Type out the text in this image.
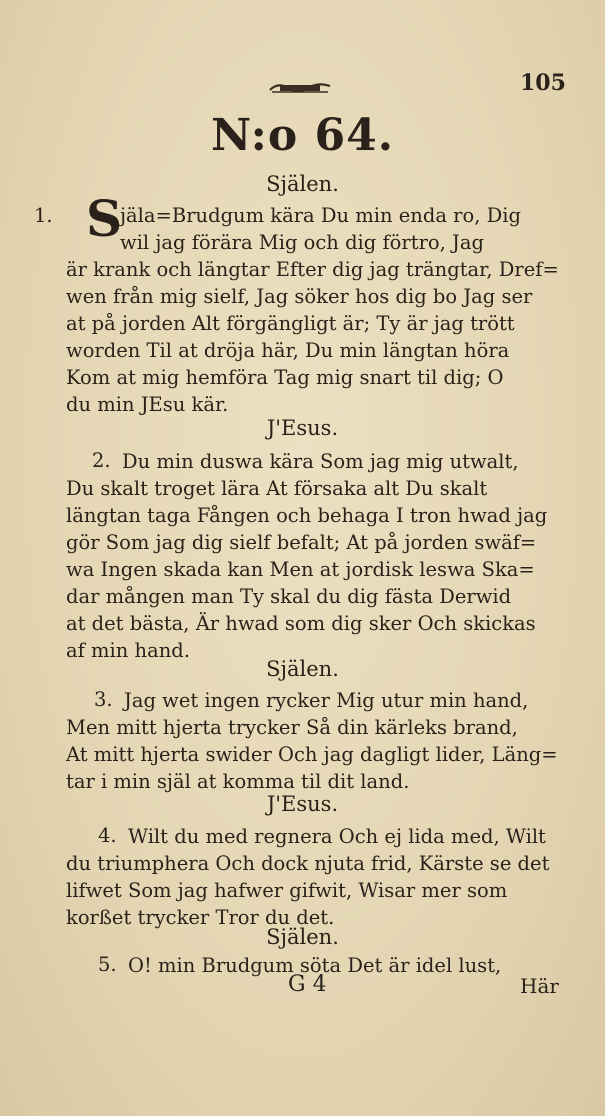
105
N:o 64.
Själen.
1. S
jäla=Brudgum kära Du min enda ro, Dig
wil jag förära Mig och dig förtro, Jag
är krank och längtar Efter dig jag trängtar, Dref=
wen från mig sielf, Jag söker hos dig bo Jag ser
at på jorden Alt förgängligt är; Ty är jag trött
worden Til at dröja här, Du min längtan höra
Kom at mig hemföra Tag mig snart til dig; O
du min JEsu kär.
J'Esus.
2. Du min duswa kära Som jag mig utwalt,
Du skalt troget lära At försaka alt Du skalt
längtan taga Fången och behaga I tron hwad jag
gör Som jag dig sielf befalt; At på jorden swäf=
wa Ingen skada kan Men at jordisk leswa Ska=
dar mången man Ty skal du dig fästa Derwid
at det bästa, Är hwad som dig sker Och skickas
af min hand.
Själen.
3. Jag wet ingen rycker Mig utur min hand,
Men mitt hjerta trycker Så din kärleks brand,
At mitt hjerta swider Och jag dagligt lider, Läng=
tar i min själ at komma til dit land.
J'Esus.
4. Wilt du med regnera Och ej lida med, Wilt
du triumphera Och dock njuta frid, Kärste se det
lifwet Som jag hafwer gifwit, Wisar mer som
korßet trycker Tror du det.
Själen.
5. O! min Brudgum söta Det är idel lust,
G 4	Här
